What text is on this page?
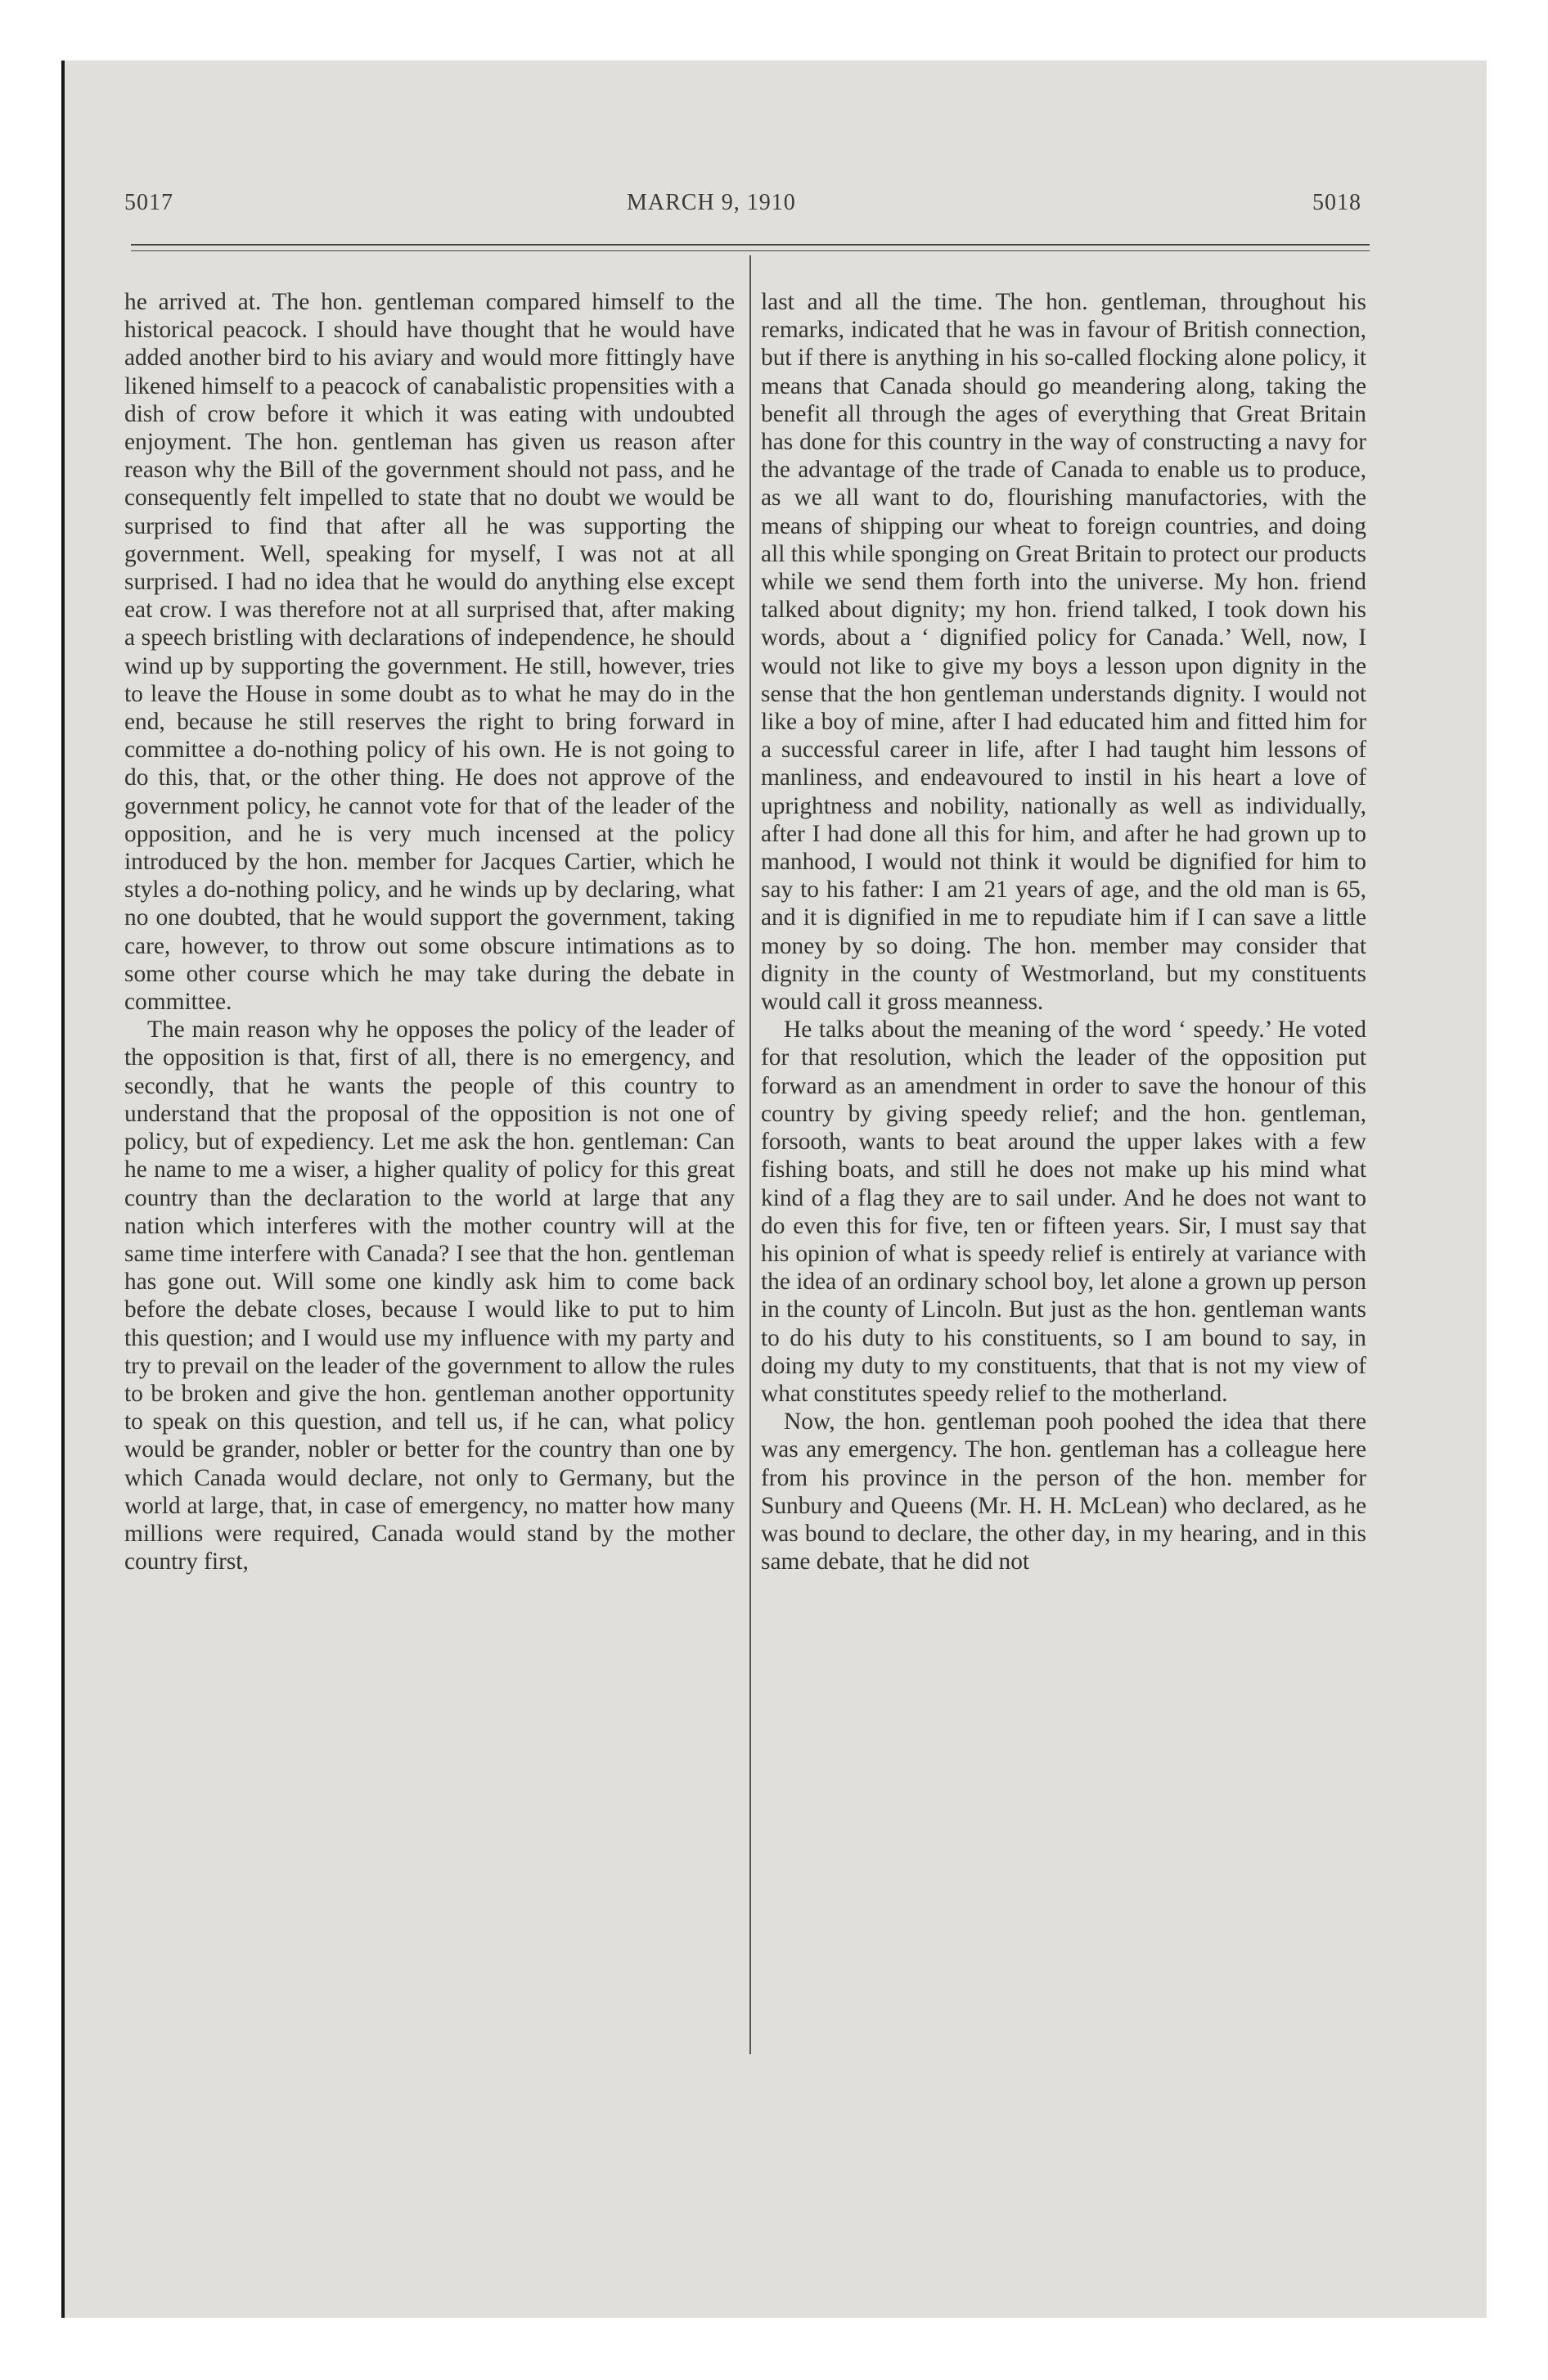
5017	MARCH 9, 1910	5018

he arrived at. The hon. gentleman compared himself to the historical peacock. I should have thought that he would have added another bird to his aviary and would more fittingly have likened himself to a peacock of canabalistic propensities with a dish of crow before it which it was eating with undoubted enjoyment. The hon. gentleman has given us reason after reason why the Bill of the government should not pass, and he consequently felt impelled to state that no doubt we would be surprised to find that after all he was supporting the government. Well, speaking for myself, I was not at all surprised. I had no idea that he would do anything else except eat crow. I was therefore not at all surprised that, after making a speech bristling with declarations of independence, he should wind up by supporting the government. He still, however, tries to leave the House in some doubt as to what he may do in the end, because he still reserves the right to bring forward in committee a do-nothing policy of his own. He is not going to do this, that, or the other thing. He does not approve of the government policy, he cannot vote for that of the leader of the opposition, and he is very much incensed at the policy introduced by the hon. member for Jacques Cartier, which he styles a do-nothing policy, and he winds up by declaring, what no one doubted, that he would support the government, taking care, however, to throw out some obscure intimations as to some other course which he may take during the debate in committee.

The main reason why he opposes the policy of the leader of the opposition is that, first of all, there is no emergency, and secondly, that he wants the people of this country to understand that the proposal of the opposition is not one of policy, but of expediency. Let me ask the hon. gentleman: Can he name to me a wiser, a higher quality of policy for this great country than the declaration to the world at large that any nation which interferes with the mother country will at the same time interfere with Canada? I see that the hon. gentleman has gone out. Will some one kindly ask him to come back before the debate closes, because I would like to put to him this question; and I would use my influence with my party and try to prevail on the leader of the government to allow the rules to be broken and give the hon. gentleman another opportunity to speak on this question, and tell us, if he can, what policy would be grander, nobler or better for the country than one by which Canada would declare, not only to Germany, but the world at large, that, in case of emergency, no matter how many millions were required, Canada would stand by the mother country first,

last and all the time. The hon. gentleman, throughout his remarks, indicated that he was in favour of British connection, but if there is anything in his so-called flocking alone policy, it means that Canada should go meandering along, taking the benefit all through the ages of everything that Great Britain has done for this country in the way of constructing a navy for the advantage of the trade of Canada to enable us to produce, as we all want to do, flourishing manufactories, with the means of shipping our wheat to foreign countries, and doing all this while sponging on Great Britain to protect our products while we send them forth into the universe. My hon. friend talked about dignity; my hon. friend talked, I took down his words, about a ‘ dignified policy for Canada.’ Well, now, I would not like to give my boys a lesson upon dignity in the sense that the hon gentleman understands dignity. I would not like a boy of mine, after I had educated him and fitted him for a successful career in life, after I had taught him lessons of manliness, and endeavoured to instil in his heart a love of uprightness and nobility, nationally as well as individually, after I had done all this for him, and after he had grown up to manhood, I would not think it would be dignified for him to say to his father: I am 21 years of age, and the old man is 65, and it is dignified in me to repudiate him if I can save a little money by so doing. The hon. member may consider that dignity in the county of Westmorland, but my constituents would call it gross meanness.

He talks about the meaning of the word ‘ speedy.’ He voted for that resolution, which the leader of the opposition put forward as an amendment in order to save the honour of this country by giving speedy relief; and the hon. gentleman, forsooth, wants to beat around the upper lakes with a few fishing boats, and still he does not make up his mind what kind of a flag they are to sail under. And he does not want to do even this for five, ten or fifteen years. Sir, I must say that his opinion of what is speedy relief is entirely at variance with the idea of an ordinary school boy, let alone a grown up person in the county of Lincoln. But just as the hon. gentleman wants to do his duty to his constituents, so I am bound to say, in doing my duty to my constituents, that that is not my view of what constitutes speedy relief to the motherland.

Now, the hon. gentleman pooh poohed the idea that there was any emergency. The hon. gentleman has a colleague here from his province in the person of the hon. member for Sunbury and Queens (Mr. H. H. McLean) who declared, as he was bound to declare, the other day, in my hearing, and in this same debate, that he did not
